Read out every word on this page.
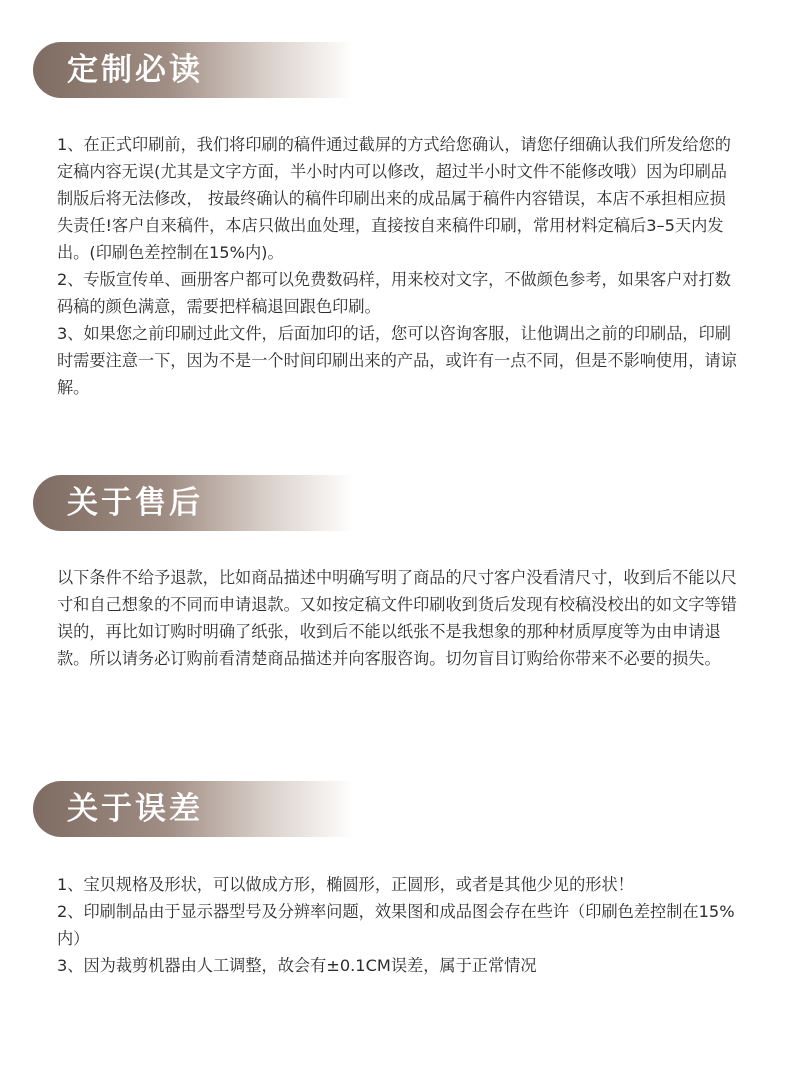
定制必读

1、在正式印刷前，我们将印刷的稿件通过截屏的方式给您确认，请您仔细确认我们所发给您的定稿内容无误(尤其是文字方面，半小时内可以修改，超过半小时文件不能修改哦）因为印刷品制版后将无法修改， 按最终确认的稿件印刷出来的成品属于稿件内容错误，本店不承担相应损失责任!客户自来稿件，本店只做出血处理，直接按自来稿件印刷，常用材料定稿后3–5天内发出。(印刷色差控制在15%内)。

2、专版宣传单、画册客户都可以免费数码样，用来校对文字，不做颜色参考，如果客户对打数码稿的颜色满意，需要把样稿退回跟色印刷。

3、如果您之前印刷过此文件，后面加印的话，您可以咨询客服，让他调出之前的印刷品，印刷时需要注意一下，因为不是一个时间印刷出来的产品，或许有一点不同，但是不影响使用，请谅解。

关于售后

以下条件不给予退款，比如商品描述中明确写明了商品的尺寸客户没看清尺寸，收到后不能以尺寸和自己想象的不同而申请退款。又如按定稿文件印刷收到货后发现有校稿没校出的如文字等错误的，再比如订购时明确了纸张，收到后不能以纸张不是我想象的那种材质厚度等为由申请退款。所以请务必订购前看清楚商品描述并向客服咨询。切勿盲目订购给你带来不必要的损失。

关于误差

1、宝贝规格及形状，可以做成方形，椭圆形，正圆形，或者是其他少见的形状！

2、印刷制品由于显示器型号及分辨率问题，效果图和成品图会存在些许（印刷色差控制在15%内）

3、因为裁剪机器由人工调整，故会有±0.1CM误差，属于正常情况
